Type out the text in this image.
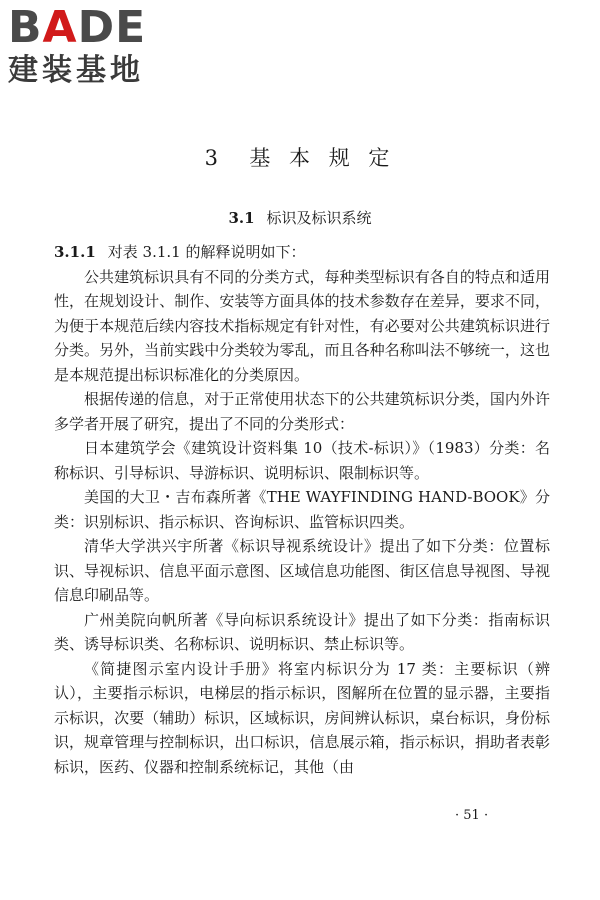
BADE
建装基地
3 基 本 规 定
3.1 标识及标识系统

3.1.1 对表 3.1.1 的解释说明如下：

公共建筑标识具有不同的分类方式，每种类型标识有各自的特点和适用性，在规划设计、制作、安装等方面具体的技术参数存在差异，要求不同，为便于本规范后续内容技术指标规定有针对性，有必要对公共建筑标识进行分类。另外，当前实践中分类较为零乱，而且各种名称叫法不够统一，这也是本规范提出标识标准化的分类原因。

根据传递的信息，对于正常使用状态下的公共建筑标识分类，国内外许多学者开展了研究，提出了不同的分类形式：

日本建筑学会《建筑设计资料集 10（技术-标识）》（1983）分类：名称标识、引导标识、导游标识、说明标识、限制标识等。

美国的大卫・吉布森所著《THE WAYFINDING HAND-BOOK》分类：识别标识、指示标识、咨询标识、监管标识四类。

清华大学洪兴宇所著《标识导视系统设计》提出了如下分类：位置标识、导视标识、信息平面示意图、区域信息功能图、街区信息导视图、导视信息印刷品等。

广州美院向帆所著《导向标识系统设计》提出了如下分类：指南标识类、诱导标识类、名称标识、说明标识、禁止标识等。

《简捷图示室内设计手册》将室内标识分为 17 类：主要标识（辨认），主要指示标识，电梯层的指示标识，图解所在位置的显示器，主要指示标识，次要（辅助）标识，区域标识，房间辨认标识，桌台标识，身份标识，规章管理与控制标识，出口标识，信息展示箱，指示标识，捐助者表彰标识，医药、仪器和控制系统标记，其他（由

· 51 ·
